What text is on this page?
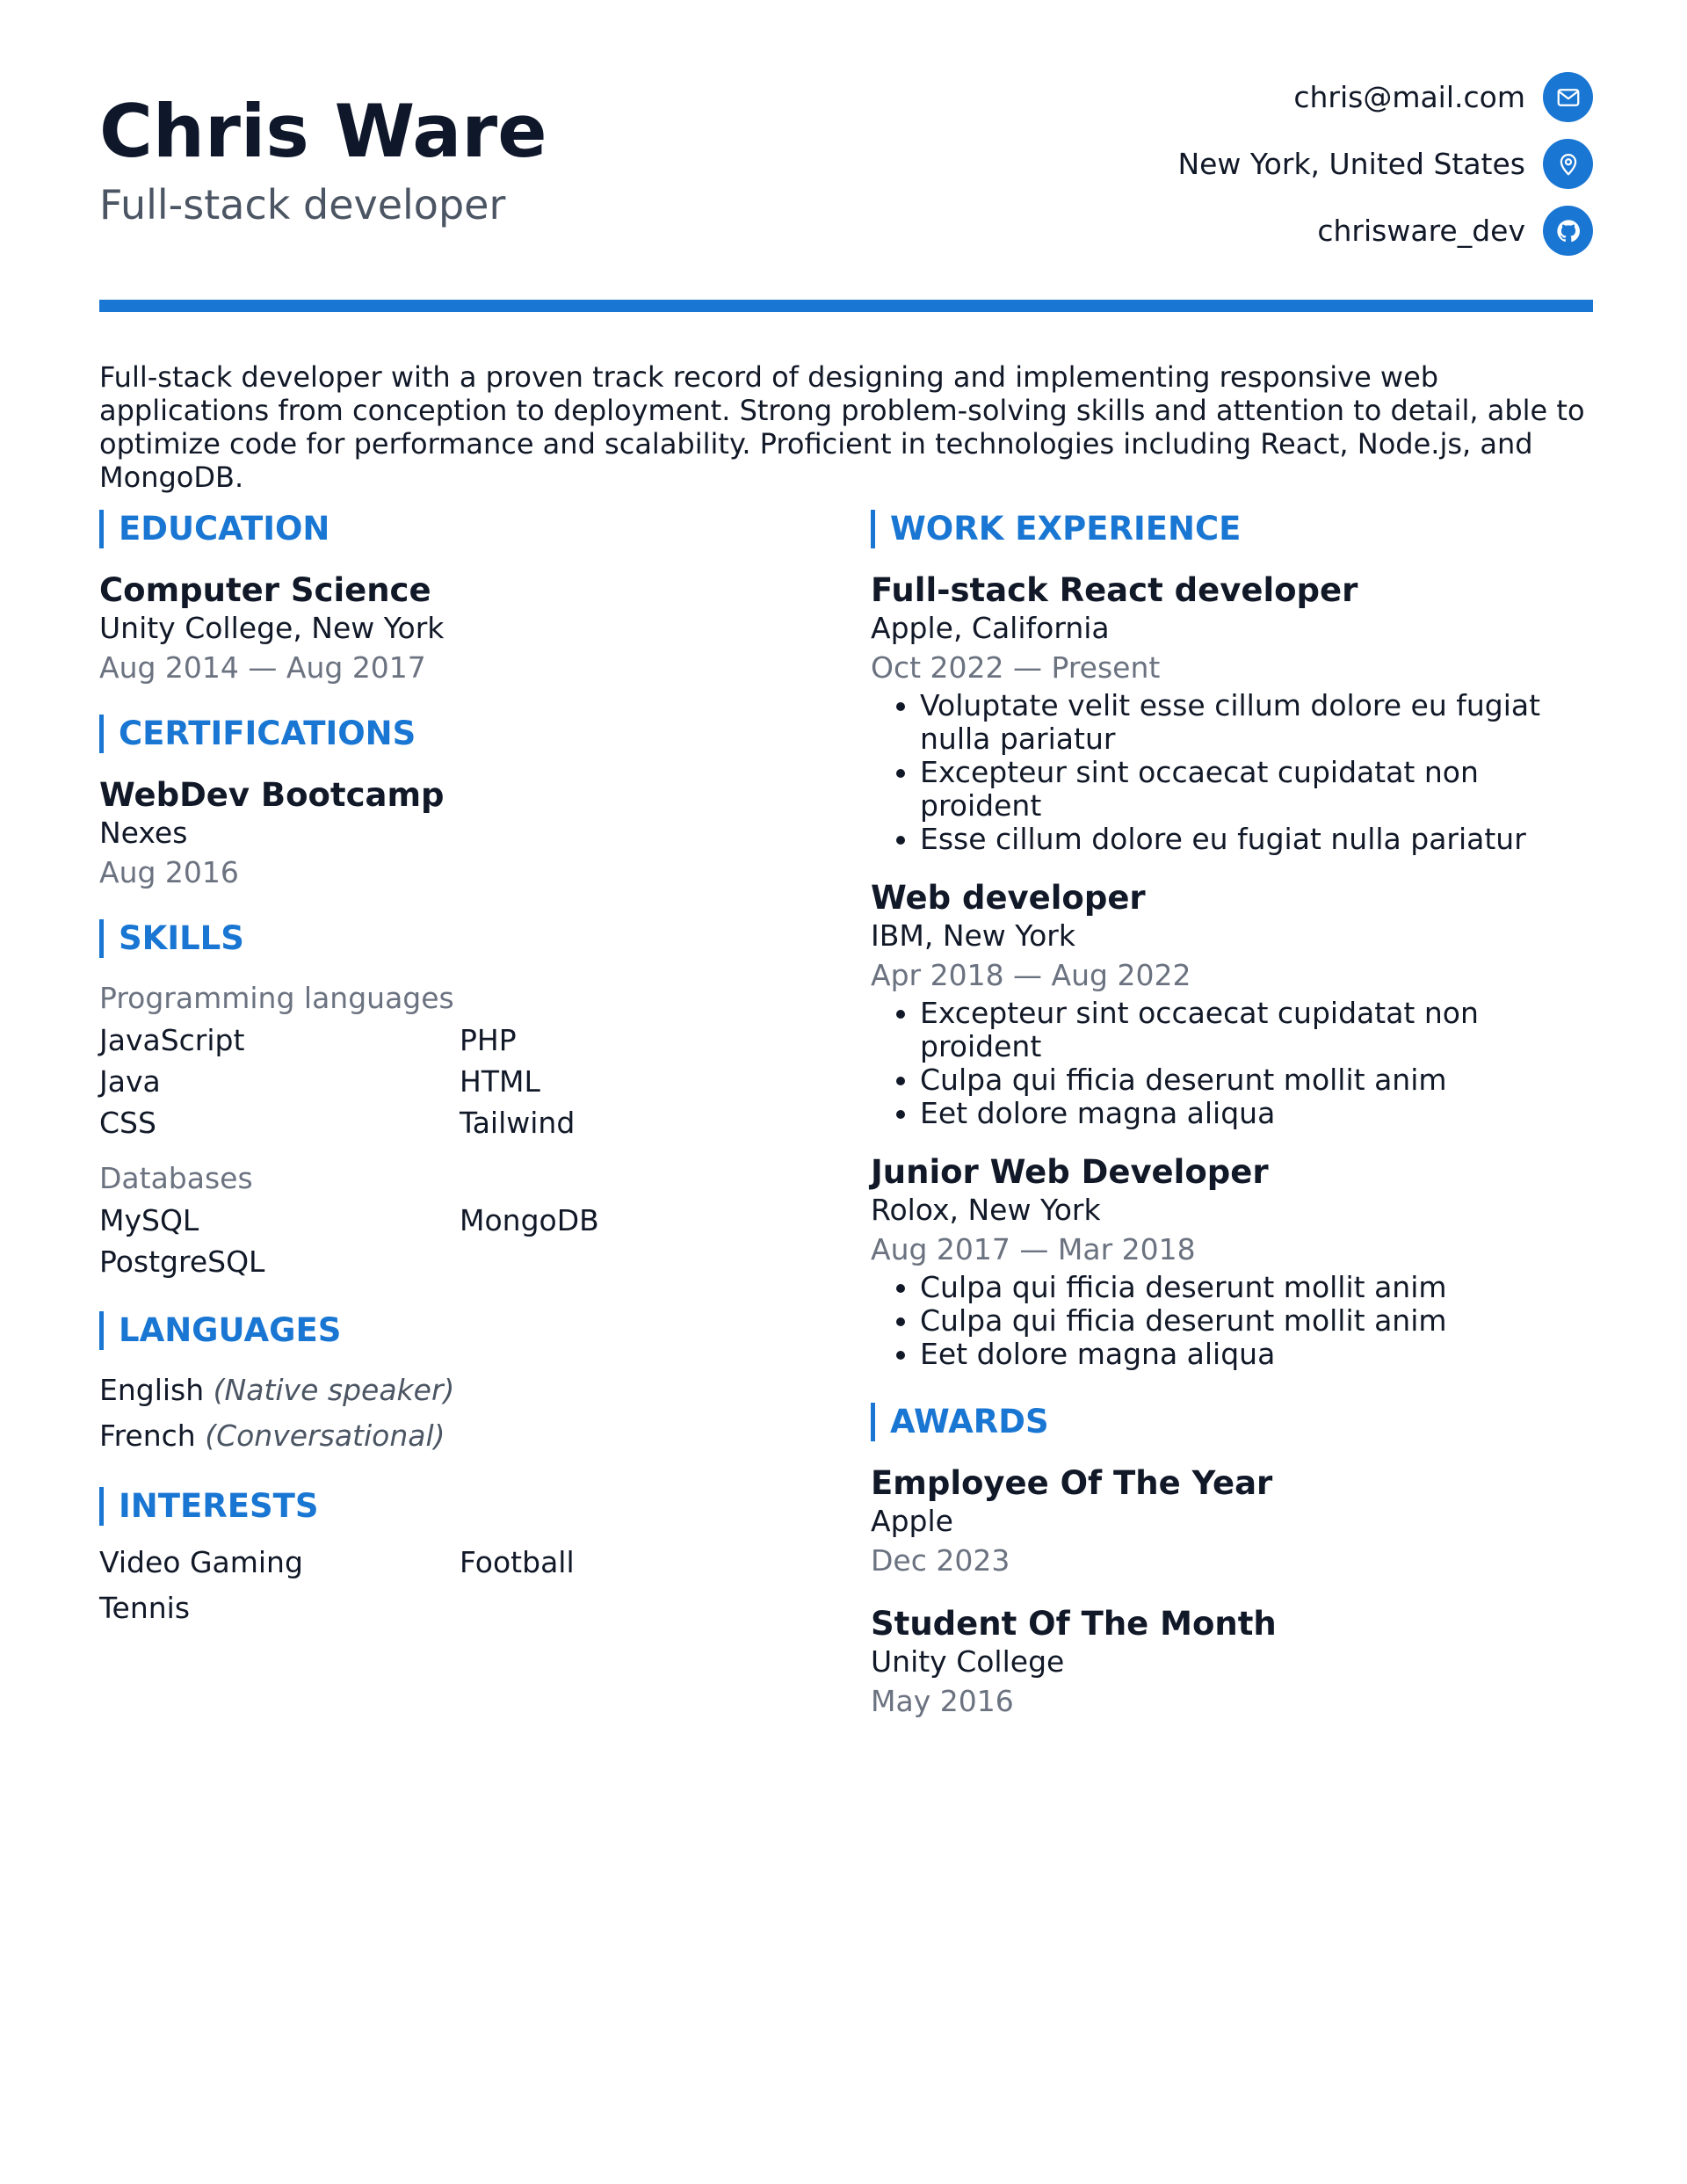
Chris Ware

Full-stack developer

chris@mail.com
New York, United States
chrisware_dev

Full-stack developer with a proven track record of designing and implementing responsive web applications from conception to deployment. Strong problem-solving skills and attention to detail, able to optimize code for performance and scalability. Proficient in technologies including React, Node.js, and MongoDB.

EDUCATION

Computer Science

Unity College, New York

Aug 2014 — Aug 2017

CERTIFICATIONS

WebDev Bootcamp

Nexes

Aug 2016

SKILLS

Programming languages

JavaScript	PHP
Java	HTML
CSS	Tailwind

Databases

MySQL	MongoDB
PostgreSQL
LANGUAGES
English (Native speaker)
French (Conversational)
INTERESTS
Video Gaming	Football
Tennis
WORK EXPERIENCE

Full-stack React developer

Apple, California

Oct 2022 — Present

• Voluptate velit esse cillum dolore eu fugiat nulla pariatur
• Excepteur sint occaecat cupidatat non proident
• Esse cillum dolore eu fugiat nulla pariatur

Web developer

IBM, New York

Apr 2018 — Aug 2022

• Excepteur sint occaecat cupidatat non proident
• Culpa qui fficia deserunt mollit anim
• Eet dolore magna aliqua

Junior Web Developer

Rolox, New York

Aug 2017 — Mar 2018

• Culpa qui fficia deserunt mollit anim
• Culpa qui fficia deserunt mollit anim
• Eet dolore magna aliqua
AWARDS

Employee Of The Year

Apple

Dec 2023

Student Of The Month

Unity College

May 2016
